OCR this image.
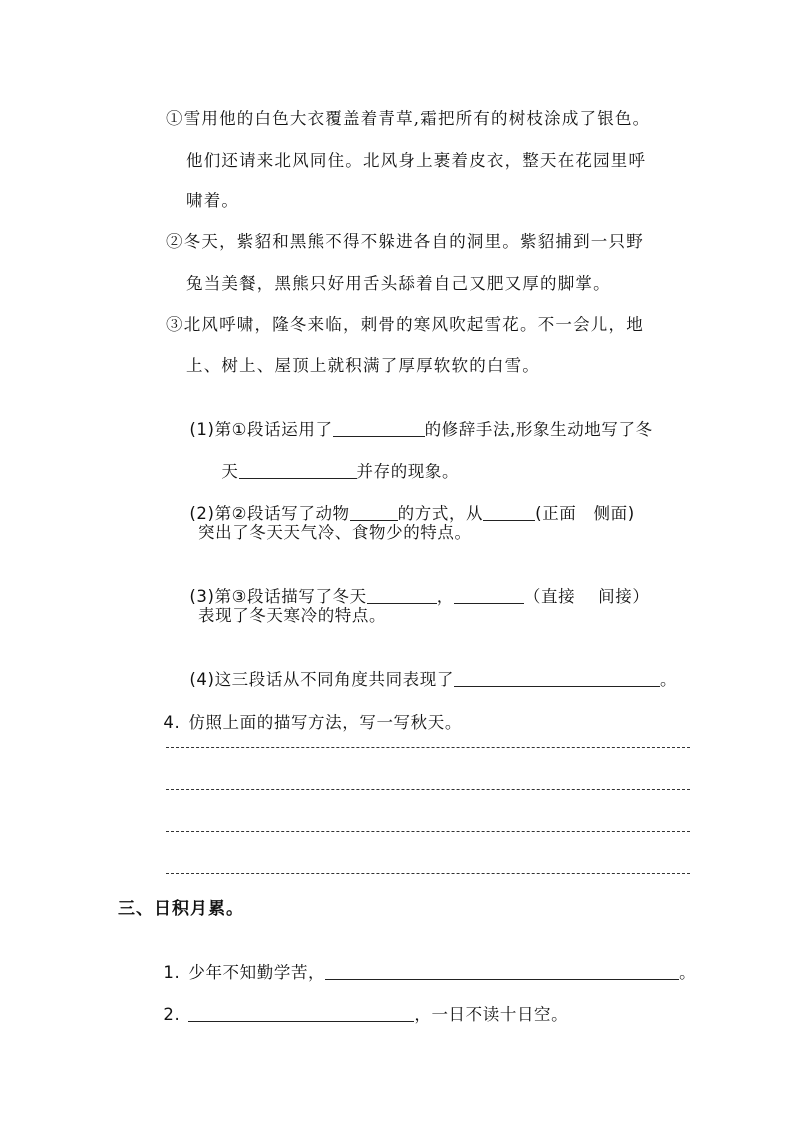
①雪用他的白色大衣覆盖着青草,霜把所有的树枝涂成了银色。
他们还请来北风同住。北风身上裹着皮衣，整天在花园里呼
啸着。
②冬天，紫貂和黑熊不得不躲进各自的洞里。紫貂捕到一只野
兔当美餐，黑熊只好用舌头舔着自己又肥又厚的脚掌。
③北风呼啸，隆冬来临，刺骨的寒风吹起雪花。不一会儿，地
上、树上、屋顶上就积满了厚厚软软的白雪。

(1)第①段话运用了	的修辞手法,形象生动地写了冬

天	并存的现象。

(2)第②段话写了动物	的方式，从	(正面　侧面)

突出了冬天天气冷、食物少的特点。

(3)第③段话描写了冬天	，	（直接　 间接）

表现了冬天寒冷的特点。

(4)这三段话从不同角度共同表现了	。

4. 仿照上面的描写方法，写一写秋天。

三、日积月累。

1. 少年不知勤学苦，	。

2.	，一日不读十日空。
